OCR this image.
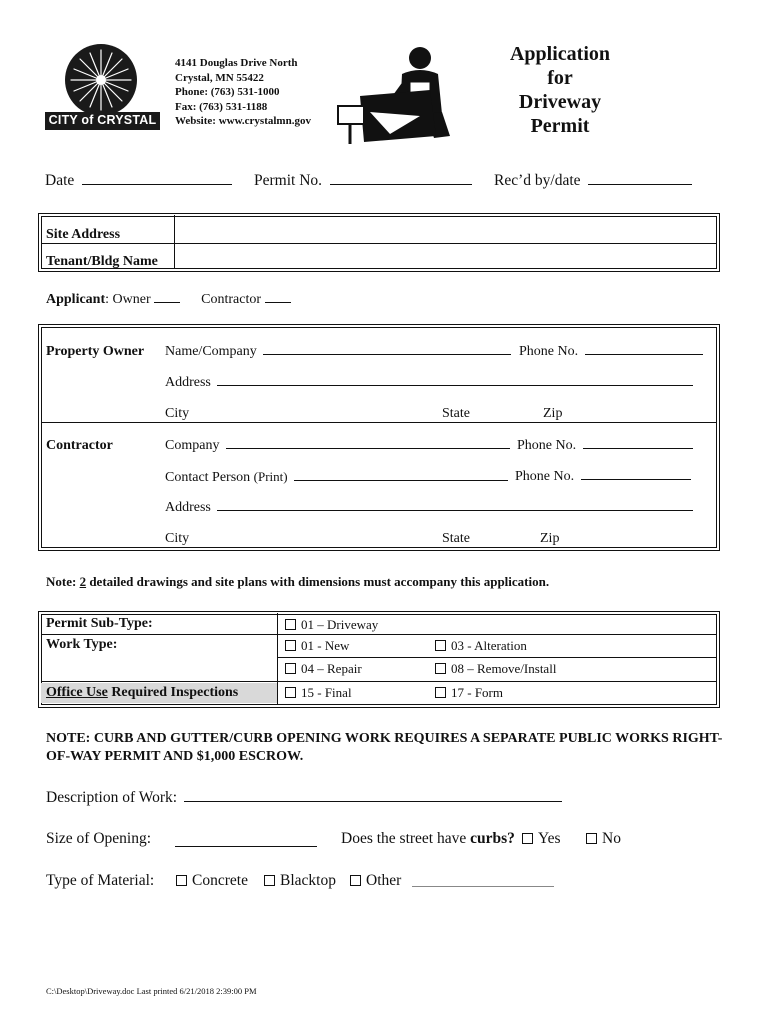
CITY of CRYSTAL
4141 Douglas Drive North
Crystal, MN 55422
Phone: (763) 531-1000
Fax: (763) 531-1188
Website: www.crystalmn.gov
Application
for
Driveway
Permit
Date	Permit No.	Rec’d by/date
Site Address
Tenant/Bldg Name
Applicant: Owner	Contractor
Property Owner Name/Company	Phone No.
Address
City	State	Zip
Contractor	Company	Phone No.
Contact Person (Print)	Phone No.
Address
City	State	Zip
Note: 2 detailed drawings and site plans with dimensions must accompany this application.
Permit Sub-Type:	01 – Driveway
Work Type:	01 - New	03 - Alteration
04 – Repair	08 – Remove/Install
Office Use Required Inspections	15 - Final	17 - Form
NOTE: CURB AND GUTTER/CURB OPENING WORK REQUIRES A SEPARATE PUBLIC WORKS RIGHT-OF-WAY PERMIT AND $1,000 ESCROW.
Description of Work:
Size of Opening:	Does the street have curbs?	Yes	No
Type of Material:	Concrete	Blacktop	Other
C:\Desktop\Driveway.doc Last printed 6/21/2018 2:39:00 PM
